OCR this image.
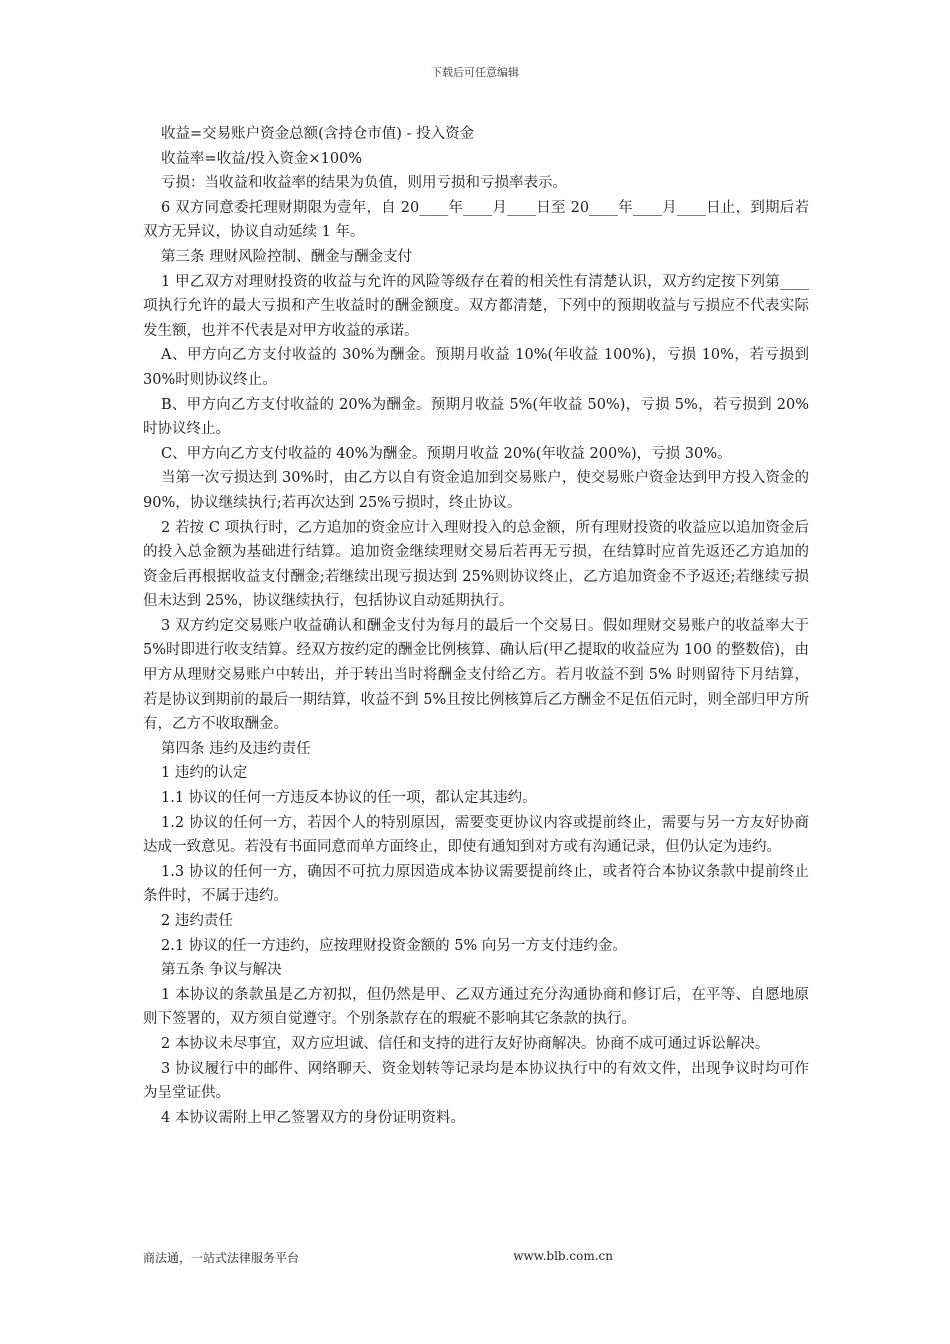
下载后可任意编辑

收益=交易账户资金总额(含持仓市值) - 投入资金

收益率=收益/投入资金×100%

亏损：当收益和收益率的结果为负值，则用亏损和亏损率表示。

6 双方同意委托理财期限为壹年，自 20____年____月____日至 20____年____月____日止，到期后若双方无异议，协议自动延续 1 年。

第三条 理财风险控制、酬金与酬金支付

1 甲乙双方对理财投资的收益与允许的风险等级存在着的相关性有清楚认识，双方约定按下列第____项执行允许的最大亏损和产生收益时的酬金额度。双方都清楚，下列中的预期收益与亏损应不代表实际发生额，也并不代表是对甲方收益的承诺。

A、甲方向乙方支付收益的 30%为酬金。预期月收益 10%(年收益 100%)，亏损 10%，若亏损到 30%时则协议终止。

B、甲方向乙方支付收益的 20%为酬金。预期月收益 5%(年收益 50%)，亏损 5%，若亏损到 20%时协议终止。

C、甲方向乙方支付收益的 40%为酬金。预期月收益 20%(年收益 200%)，亏损 30%。

当第一次亏损达到 30%时，由乙方以自有资金追加到交易账户，使交易账户资金达到甲方投入资金的 90%，协议继续执行;若再次达到 25%亏损时，终止协议。

2 若按 C 项执行时，乙方追加的资金应计入理财投入的总金额，所有理财投资的收益应以追加资金后的投入总金额为基础进行结算。追加资金继续理财交易后若再无亏损，在结算时应首先返还乙方追加的资金后再根据收益支付酬金;若继续出现亏损达到 25%则协议终止，乙方追加资金不予返还;若继续亏损但未达到 25%，协议继续执行，包括协议自动延期执行。

3 双方约定交易账户收益确认和酬金支付为每月的最后一个交易日。假如理财交易账户的收益率大于 5%时即进行收支结算。经双方按约定的酬金比例核算、确认后(甲乙提取的收益应为 100 的整数倍)，由甲方从理财交易账户中转出，并于转出当时将酬金支付给乙方。若月收益不到 5% 时则留待下月结算，若是协议到期前的最后一期结算，收益不到 5%且按比例核算后乙方酬金不足伍佰元时，则全部归甲方所有，乙方不收取酬金。

第四条 违约及违约责任

1 违约的认定

1.1 协议的任何一方违反本协议的任一项，都认定其违约。

1.2 协议的任何一方，若因个人的特别原因，需要变更协议内容或提前终止，需要与另一方友好协商达成一致意见。若没有书面同意而单方面终止，即使有通知到对方或有沟通记录，但仍认定为违约。

1.3 协议的任何一方，确因不可抗力原因造成本协议需要提前终止，或者符合本协议条款中提前终止条件时，不属于违约。

2 违约责任

2.1 协议的任一方违约，应按理财投资金额的 5% 向另一方支付违约金。

第五条 争议与解决

1 本协议的条款虽是乙方初拟，但仍然是甲、乙双方通过充分沟通协商和修订后，在平等、自愿地原则下签署的，双方须自觉遵守。个别条款存在的瑕疵不影响其它条款的执行。

2 本协议未尽事宜，双方应坦诚、信任和支持的进行友好协商解决。协商不成可通过诉讼解决。

3 协议履行中的邮件、网络聊天、资金划转等记录均是本协议执行中的有效文件，出现争议时均可作为呈堂证供。

4 本协议需附上甲乙签署双方的身份证明资料。

商法通，一站式法律服务平台	www.blb.com.cn
